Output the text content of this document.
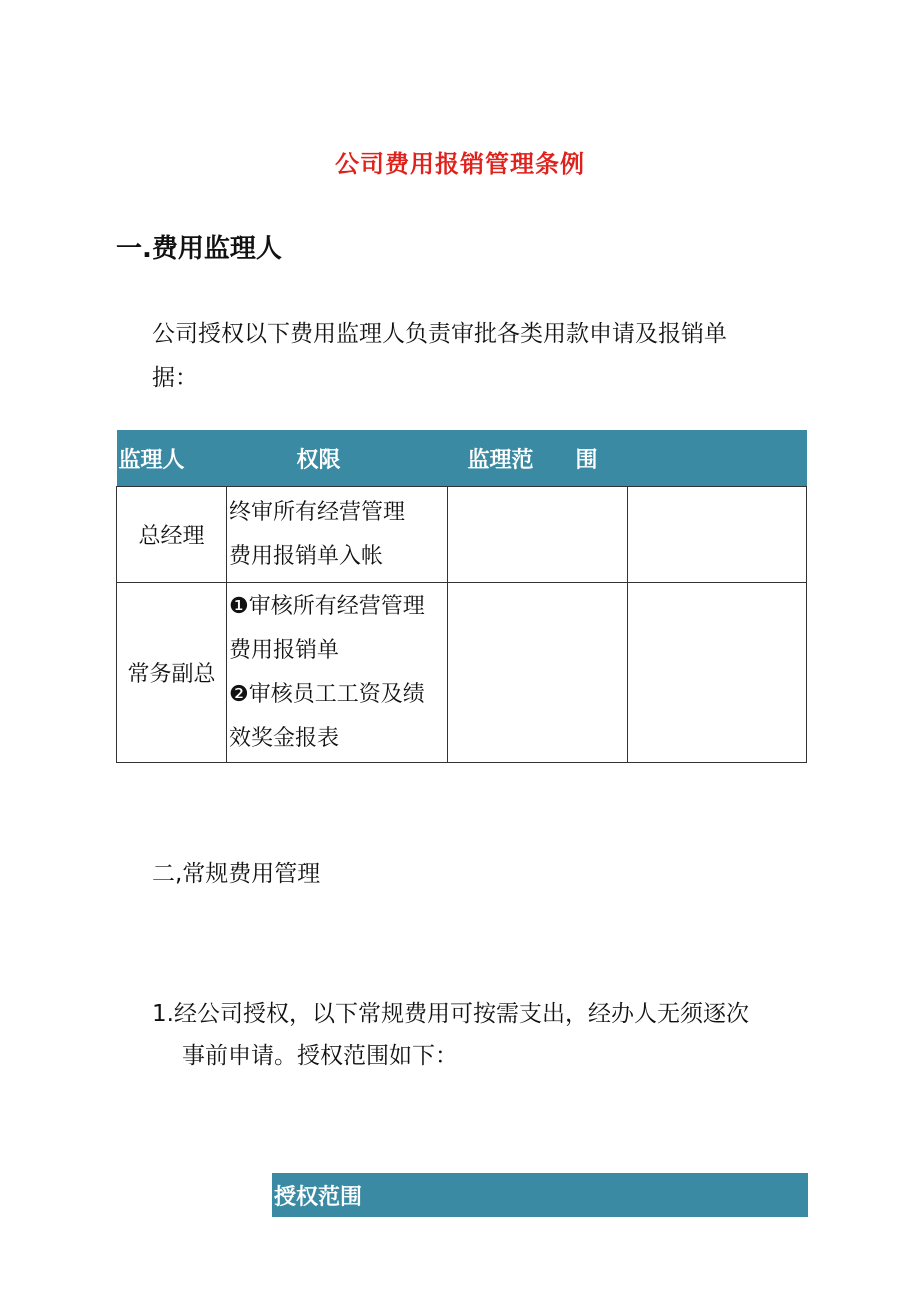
公司费用报销管理条例
一.费用监理人
公司授权以下费用监理人负责审批各类用款申请及报销单
据：
监理人	权限	监理范	围
总经理	终审所有经营管理
费用报销单入帐		

常务副总	❶审核所有经营管理
费用报销单
❷审核员工工资及绩
效奖金报表		

二,常规费用管理
1.经公司授权，以下常规费用可按需支出，经办人无须逐次
事前申请。授权范围如下：
授权范围
